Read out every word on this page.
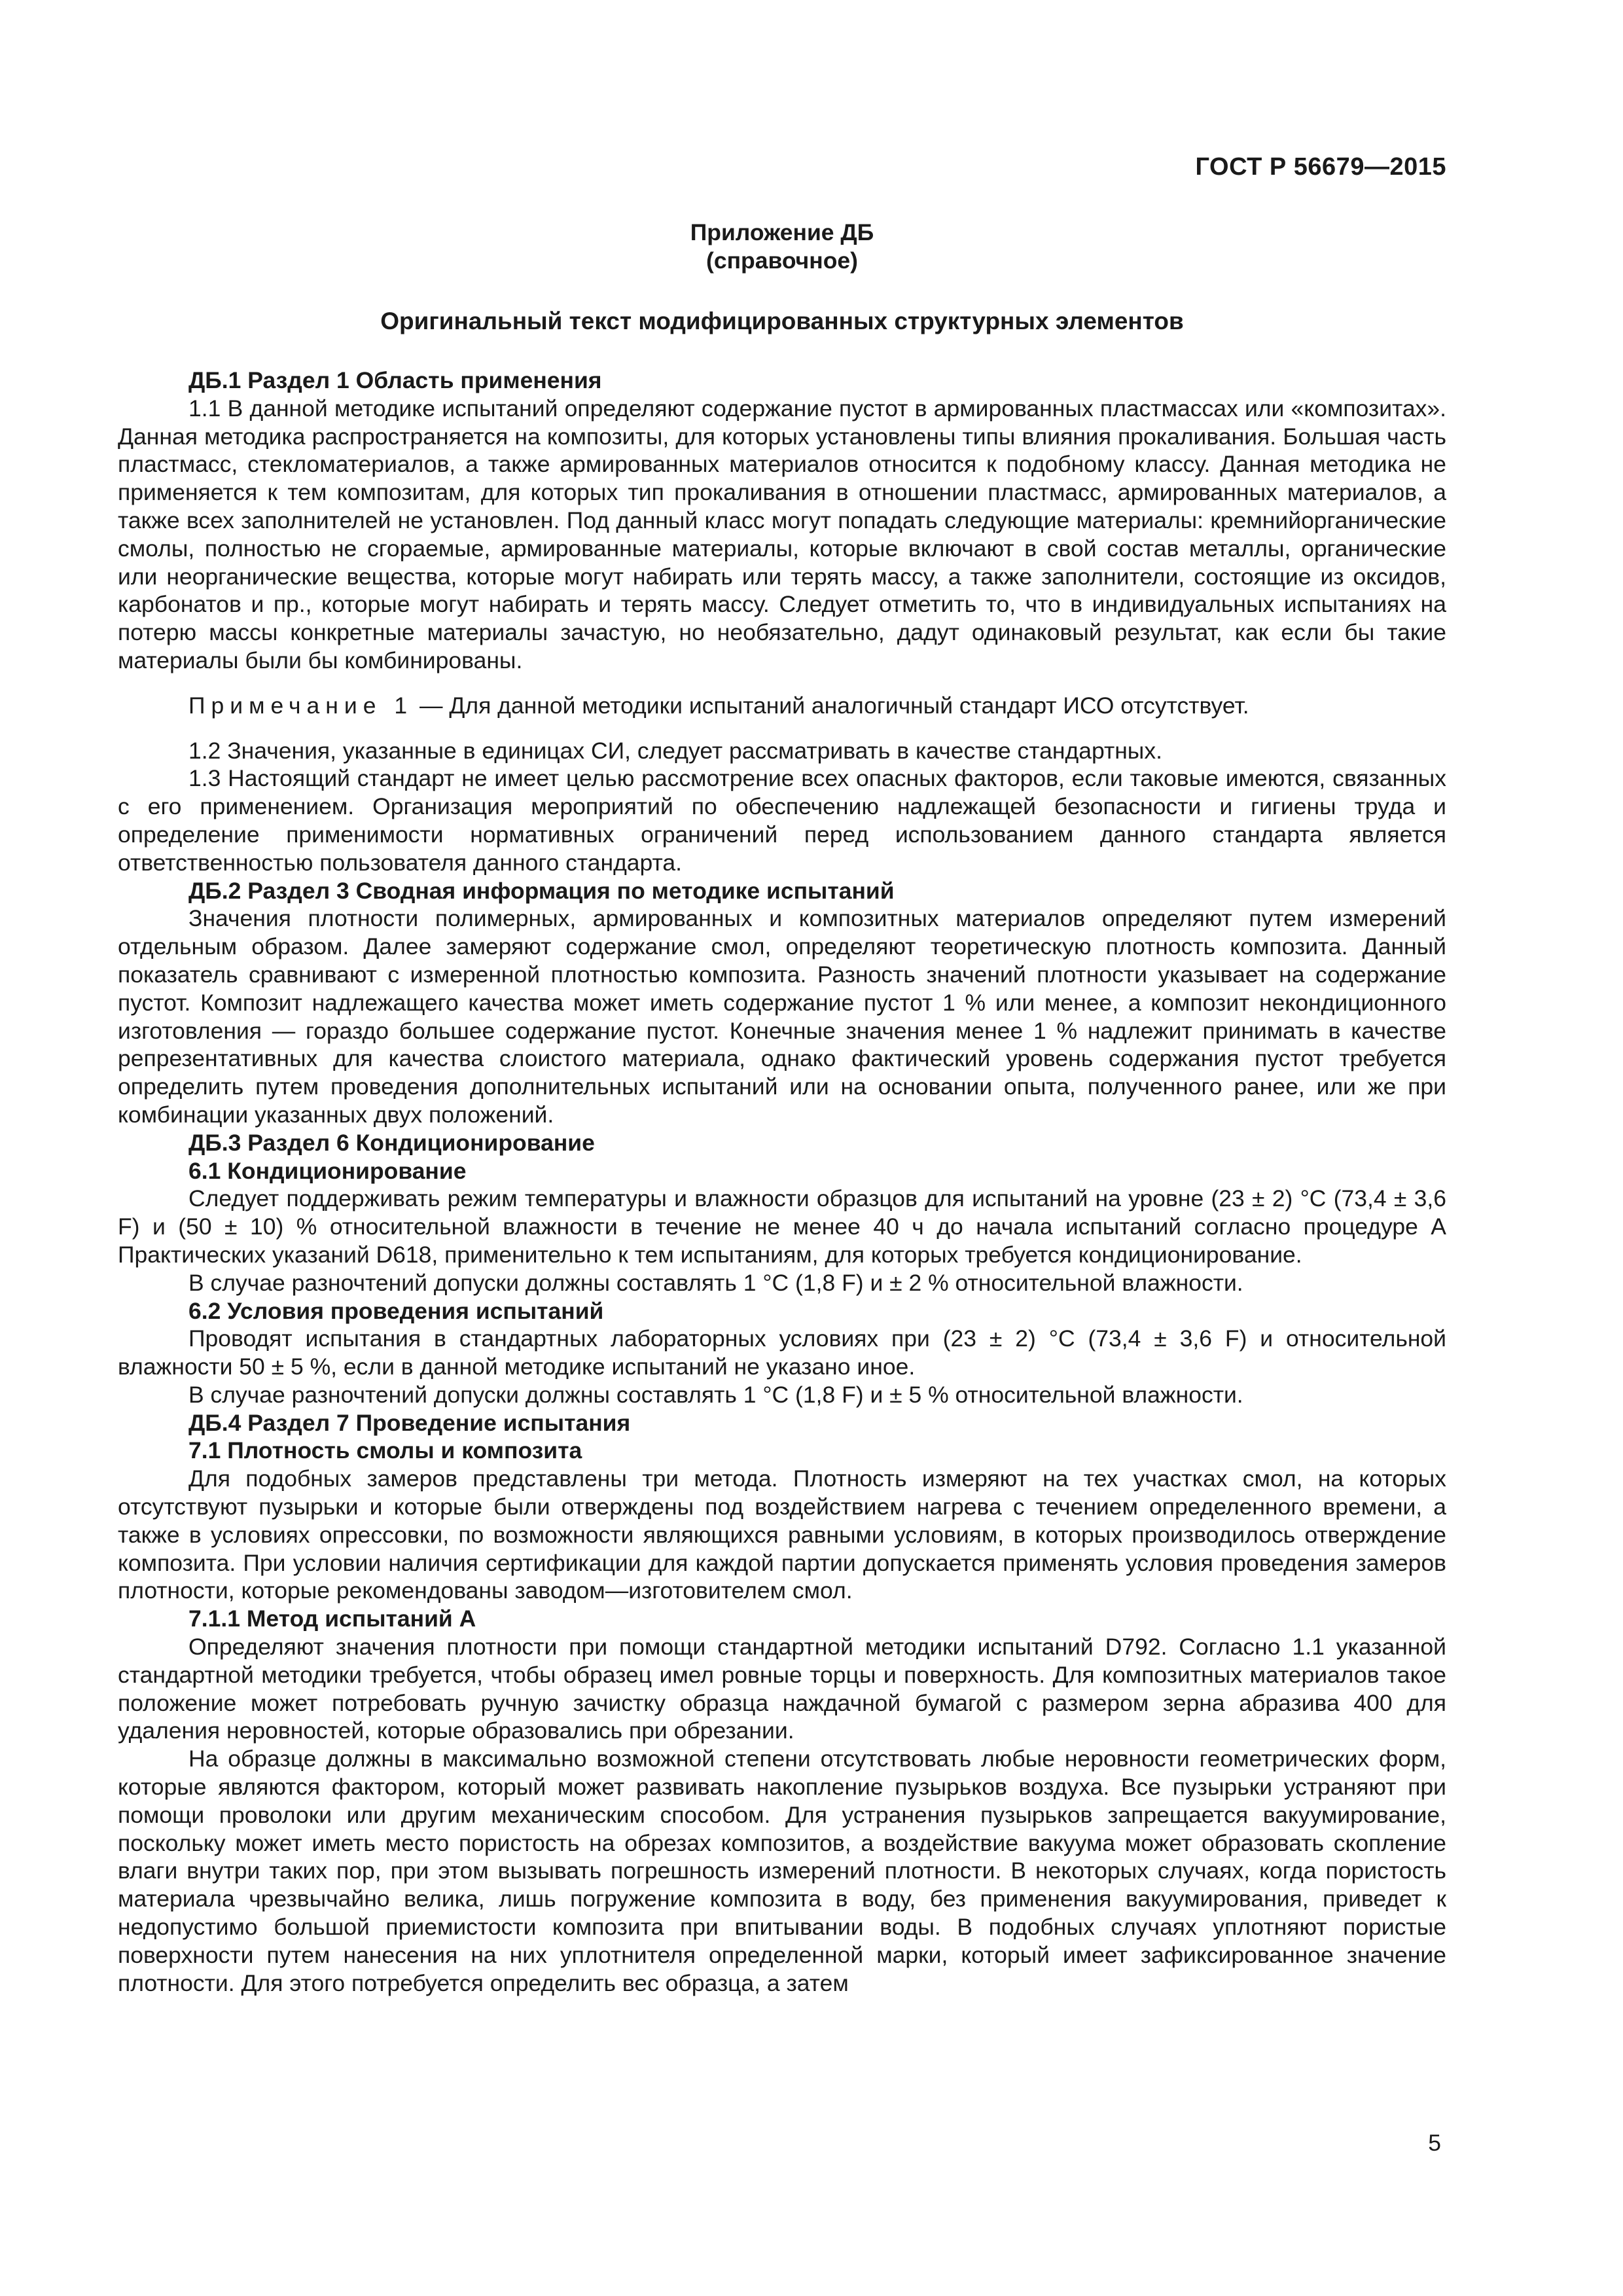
ГОСТ Р 56679—2015
Приложение ДБ
(справочное)
Оригинальный текст модифицированных структурных элементов

ДБ.1 Раздел 1 Область применения

1.1 В данной методике испытаний определяют содержание пустот в армированных пластмассах или «композитах». Данная методика распространяется на композиты, для которых установлены типы влияния прокаливания. Большая часть пластмасс, стекломатериалов, а также армированных материалов относится к подобному классу. Данная методика не применяется к тем композитам, для которых тип прокаливания в отношении пластмасс, армированных материалов, а также всех заполнителей не установлен. Под данный класс могут попадать следующие материалы: кремнийорганические смолы, полностью не сгораемые, армированные материалы, которые включают в свой состав металлы, органические или неорганические вещества, которые могут набирать или терять массу, а также заполнители, состоящие из оксидов, карбонатов и пр., которые могут набирать и терять массу. Следует отметить то, что в индивидуальных испытаниях на потерю массы конкретные материалы зачастую, но необязательно, дадут одинаковый результат, как если бы такие материалы были бы комбинированы.

Примечание 1 — Для данной методики испытаний аналогичный стандарт ИСО отсутствует.

1.2 Значения, указанные в единицах СИ, следует рассматривать в качестве стандартных.

1.3 Настоящий стандарт не имеет целью рассмотрение всех опасных факторов, если таковые имеются, связанных с его применением. Организация мероприятий по обеспечению надлежащей безопасности и гигиены труда и определение применимости нормативных ограничений перед использованием данного стандарта является ответственностью пользователя данного стандарта.

ДБ.2 Раздел 3 Сводная информация по методике испытаний

Значения плотности полимерных, армированных и композитных материалов определяют путем измерений отдельным образом. Далее замеряют содержание смол, определяют теоретическую плотность композита. Данный показатель сравнивают с измеренной плотностью композита. Разность значений плотности указывает на содержание пустот. Композит надлежащего качества может иметь содержание пустот 1 % или менее, а композит некондиционного изготовления — гораздо большее содержание пустот. Конечные значения менее 1 % надлежит принимать в качестве репрезентативных для качества слоистого материала, однако фактический уровень содержания пустот требуется определить путем проведения дополнительных испытаний или на основании опыта, полученного ранее, или же при комбинации указанных двух положений.

ДБ.3 Раздел 6 Кондиционирование

6.1 Кондиционирование

Следует поддерживать режим температуры и влажности образцов для испытаний на уровне (23 ± 2) °С (73,4 ± 3,6 F) и (50 ± 10) % относительной влажности в течение не менее 40 ч до начала испытаний согласно процедуре А Практических указаний D618, применительно к тем испытаниям, для которых требуется кондиционирование.

В случае разночтений допуски должны составлять 1 °С (1,8 F) и ± 2 % относительной влажности.

6.2 Условия проведения испытаний

Проводят испытания в стандартных лабораторных условиях при (23 ± 2) °С (73,4 ± 3,6 F) и относительной влажности 50 ± 5 %, если в данной методике испытаний не указано иное.

В случае разночтений допуски должны составлять 1 °С (1,8 F) и ± 5 % относительной влажности.

ДБ.4 Раздел 7 Проведение испытания

7.1 Плотность смолы и композита

Для подобных замеров представлены три метода. Плотность измеряют на тех участках смол, на которых отсутствуют пузырьки и которые были отверждены под воздействием нагрева с течением определенного времени, а также в условиях опрессовки, по возможности являющихся равными условиям, в которых производилось отверждение композита. При условии наличия сертификации для каждой партии допускается применять условия проведения замеров плотности, которые рекомендованы заводом—изготовителем смол.

7.1.1 Метод испытаний А

Определяют значения плотности при помощи стандартной методики испытаний D792. Согласно 1.1 указанной стандартной методики требуется, чтобы образец имел ровные торцы и поверхность. Для композитных материалов такое положение может потребовать ручную зачистку образца наждачной бумагой с размером зерна абразива 400 для удаления неровностей, которые образовались при обрезании.

На образце должны в максимально возможной степени отсутствовать любые неровности геометрических форм, которые являются фактором, который может развивать накопление пузырьков воздуха. Все пузырьки устраняют при помощи проволоки или другим механическим способом. Для устранения пузырьков запрещается вакуумирование, поскольку может иметь место пористость на обрезах композитов, а воздействие вакуума может образовать скопление влаги внутри таких пор, при этом вызывать погрешность измерений плотности. В некоторых случаях, когда пористость материала чрезвычайно велика, лишь погружение композита в воду, без применения вакуумирования, приведет к недопустимо большой приемистости композита при впитывании воды. В подобных случаях уплотняют пористые поверхности путем нанесения на них уплотнителя определенной марки, который имеет зафиксированное значение плотности. Для этого потребуется определить вес образца, а затем

5
